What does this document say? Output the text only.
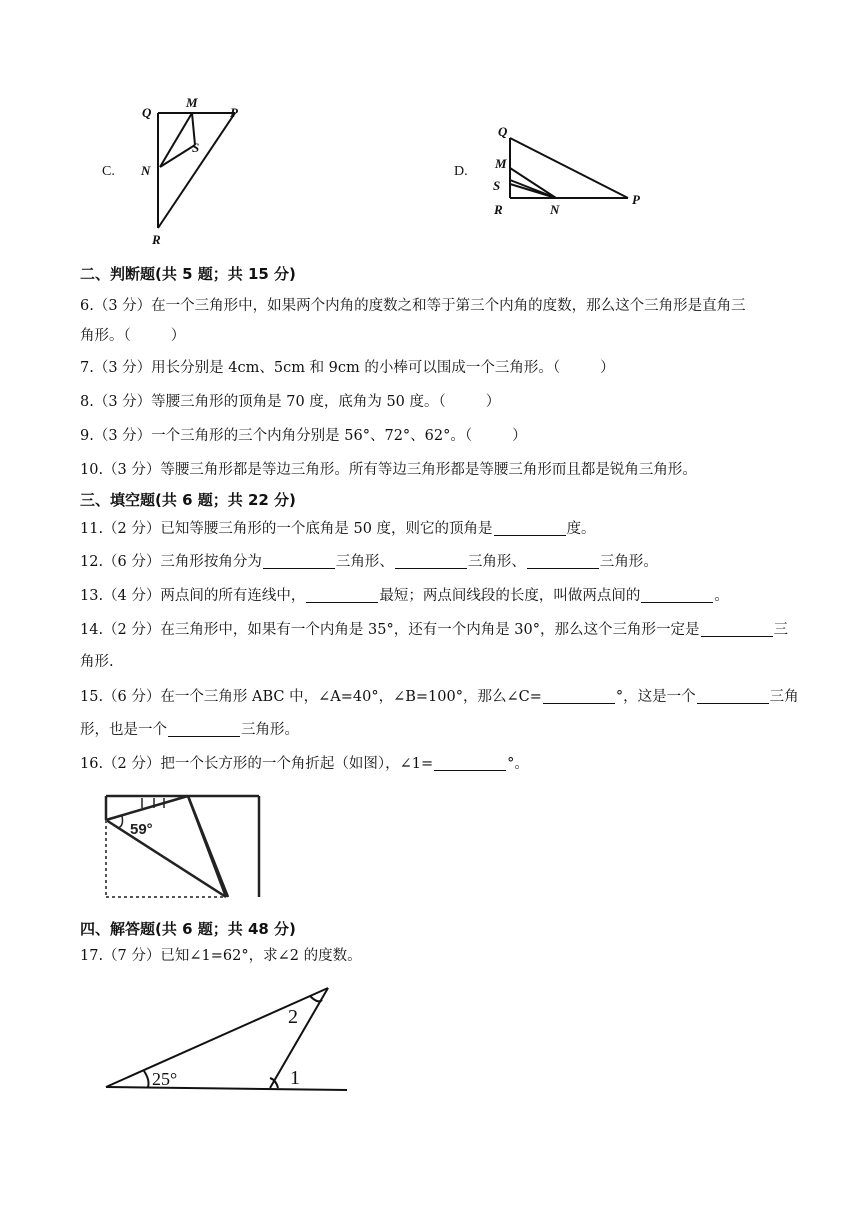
C.
Q
M
P
N
S
R
D.
Q
M
S
R	N
P
二、判断题(共 5 题；共 15 分)
6.（3 分）在一个三角形中，如果两个内角的度数之和等于第三个内角的度数，那么这个三角形是直角三
角形。（	）
7.（3 分）用长分别是 4cm、5cm 和 9cm 的小棒可以围成一个三角形。（	）
8.（3 分）等腰三角形的顶角是 70 度，底角为 50 度。（	）
9.（3 分）一个三角形的三个内角分别是 56°、72°、62°。（	）
10.（3 分）等腰三角形都是等边三角形。所有等边三角形都是等腰三角形而且都是锐角三角形。
三、填空题(共 6 题；共 22 分)
11.（2 分）已知等腰三角形的一个底角是 50 度，则它的顶角是	度。
12.（6 分）三角形按角分为	三角形、	三角形、	三角形。
13.（4 分）两点间的所有连线中，	最短；两点间线段的长度，叫做两点间的	。
14.（2 分）在三角形中，如果有一个内角是 35°，还有一个内角是 30°，那么这个三角形一定是	三
角形.
15.（6 分）在一个三角形 ABC 中，∠A=40°，∠B=100°，那么∠C=	°，这是一个	三角
形，也是一个	三角形。
16.（2 分）把一个长方形的一个角折起（如图），∠1=	°。
59°
四、解答题(共 6 题；共 48 分)
17.（7 分）已知∠1=62°，求∠2 的度数。
25°
2
1
